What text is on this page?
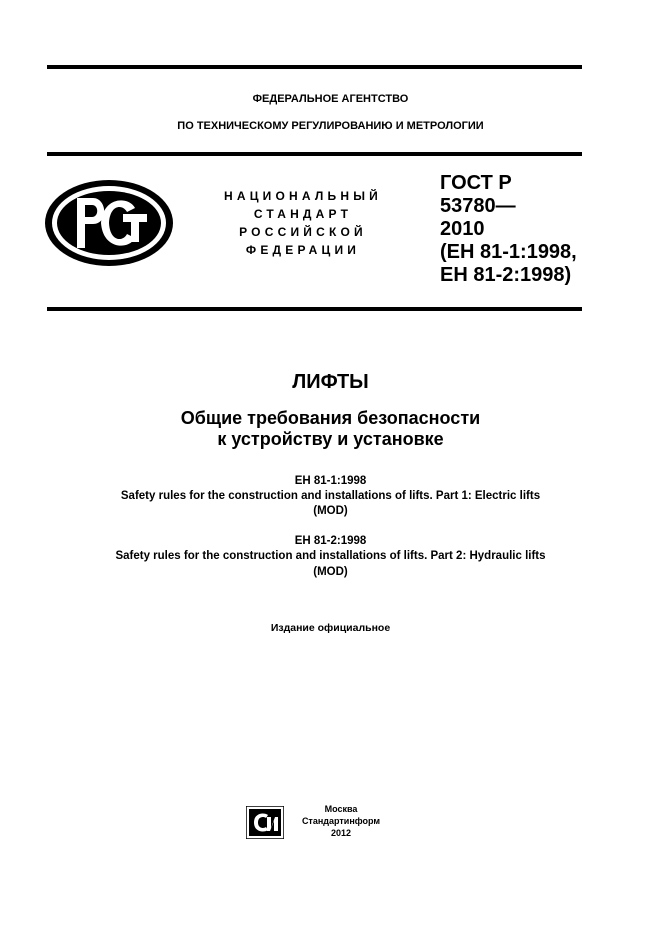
ФЕДЕРАЛЬНОЕ АГЕНТСТВО
ПО ТЕХНИЧЕСКОМУ РЕГУЛИРОВАНИЮ И МЕТРОЛОГИИ
НАЦИОНАЛЬНЫЙ
СТАНДАРТ
РОССИЙСКОЙ
ФЕДЕРАЦИИ
ГОСТ Р
53780—
2010
(ЕН 81-1:1998,
ЕН 81-2:1998)
ЛИФТЫ
Общие требования безопасности
к устройству и установке
ЕН 81-1:1998
Safety rules for the construction and installations of lifts. Part 1: Electric lifts
(MOD)
ЕН 81-2:1998
Safety rules for the construction and installations of lifts. Part 2: Hydraulic lifts
(MOD)
Издание официальное
Москва
Стандартинформ
2012
